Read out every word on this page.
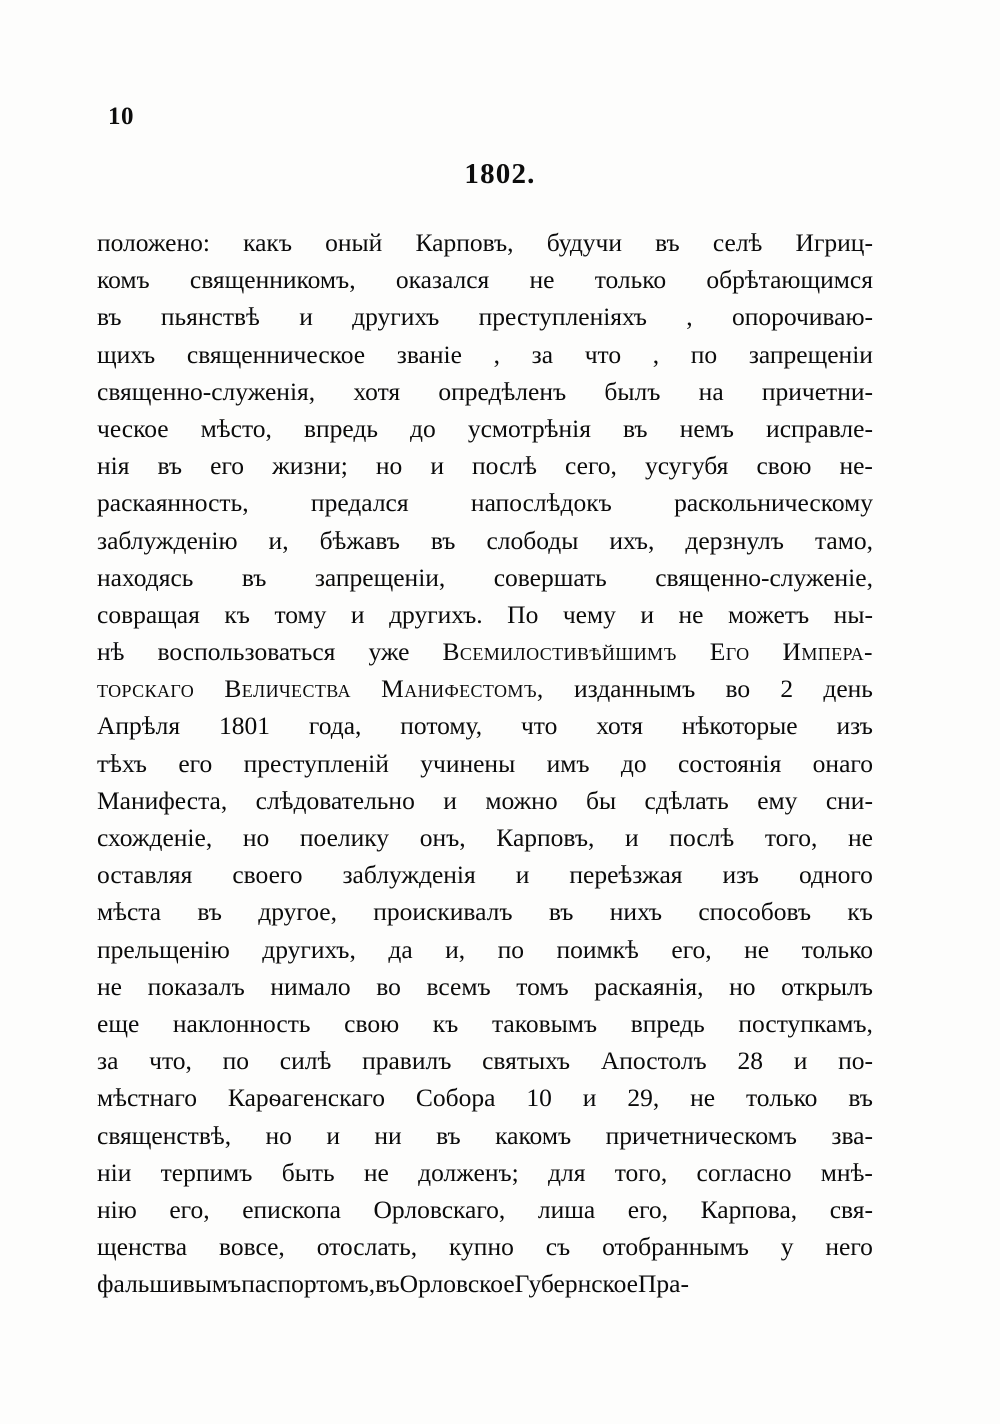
10
1802.
положено: какъ оный Карповъ, будучи въ селѣ Игриц-
комъ священникомъ, оказался не только обрѣтающимся
въ пьянствѣ и другихъ преступленіяхъ , опорочиваю-
щихъ священническое званіе , за что , по запрещеніи
священно-служенія, хотя опредѣленъ былъ на причетни-
ческое мѣсто, впредь до усмотрѣнія въ немъ исправле-
нія въ его жизни; но и послѣ сего, усугубя свою не-
раскаянность, предался напослѣдокъ раскольническому
заблужденію и, бѣжавъ въ слободы ихъ, дерзнулъ тамо,
находясь въ запрещеніи, совершать священно-служеніе,
совращая къ тому и другихъ. По чему и не можетъ ны-
нѣ воспользоваться уже Всемилостивѣйшимъ Его Импера-
торскаго Величества Манифестомъ, изданнымъ во 2 день
Апрѣля 1801 года, потому, что хотя нѣкоторые изъ
тѣхъ его преступленій учинены имъ до состоянія онаго
Манифеста, слѣдовательно и можно бы сдѣлать ему сни-
схожденіе, но поелику онъ, Карповъ, и послѣ того, не
оставляя своего заблужденія и переѣзжая изъ одного
мѣста въ другое, проискивалъ въ нихъ способовъ къ
прельщенію другихъ, да и, по поимкѣ его, не только
не показалъ нимало во всемъ томъ раскаянія, но открылъ
еще наклонность свою къ таковымъ впредь поступкамъ,
за что, по силѣ правилъ святыхъ Апостолъ 28 и по-
мѣстнаго Карѳагенскаго Собора 10 и 29, не только въ
священствѣ, но и ни въ какомъ причетническомъ зва-
ніи терпимъ быть не долженъ; для того, согласно мнѣ-
нію его, епископа Орловскаго, лиша его, Карпова, свя-
щенства вовсе, отослать, купно съ отобраннымъ у него
фальшивымъ паспортомъ, въ Орловское Губернское Пра-
